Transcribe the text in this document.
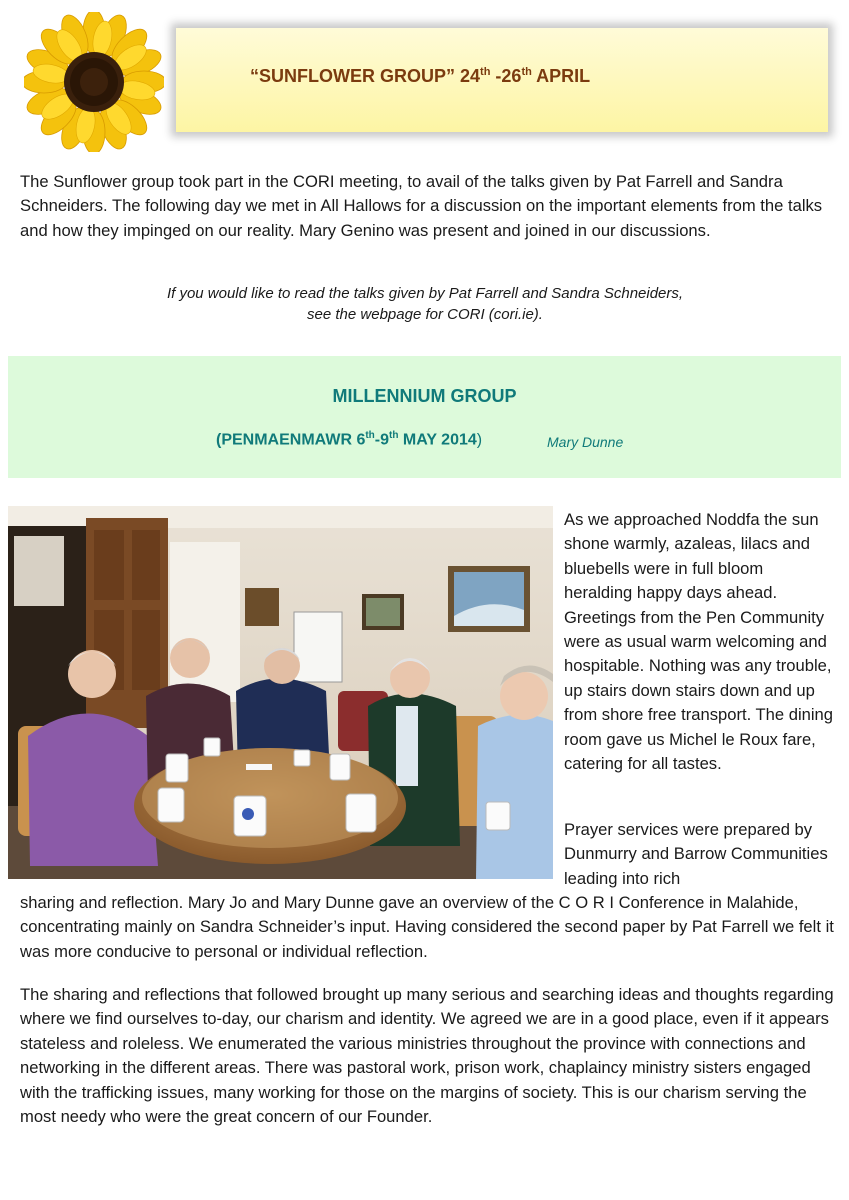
“SUNFLOWER GROUP” 24th -26th APRIL
The Sunflower group took part in the CORI meeting, to avail of the talks given by Pat Farrell and Sandra Schneiders. The following day we met in All Hallows for a discussion on the important elements from the talks and how they impinged on our reality. Mary Genino was present and joined in our discussions.
If you would like to read the talks given by Pat Farrell and Sandra Schneiders,
see the webpage for CORI (cori.ie).
MILLENNIUM GROUP
(PENMAENMAWR 6th-9th MAY 2014)	Mary Dunne
As we approached Noddfa the sun shone warmly, azaleas, lilacs and bluebells were in full bloom heralding happy days ahead. Greetings from the Pen Community were as usual warm welcoming and hospitable. Nothing was any trouble, up stairs down stairs down and up from shore free transport. The dining room gave us Michel le Roux fare, catering for all tastes.
Prayer services were prepared by Dunmurry and Barrow Communities leading into rich
sharing and reflection. Mary Jo and Mary Dunne gave an overview of the C O R I Conference in Malahide, concentrating mainly on Sandra Schneider’s input. Having considered the second paper by Pat Farrell we felt it was more conducive to personal or individual reflection.
The sharing and reflections that followed brought up many serious and searching ideas and thoughts regarding where we find ourselves to-day, our charism and identity. We agreed we are in a good place, even if it appears stateless and roleless. We enumerated the various ministries throughout the province with connections and networking in the different areas. There was pastoral work, prison work, chaplaincy ministry sisters engaged with the trafficking issues, many working for those on the margins of society. This is our charism serving the most needy who were the great concern of our Founder.
